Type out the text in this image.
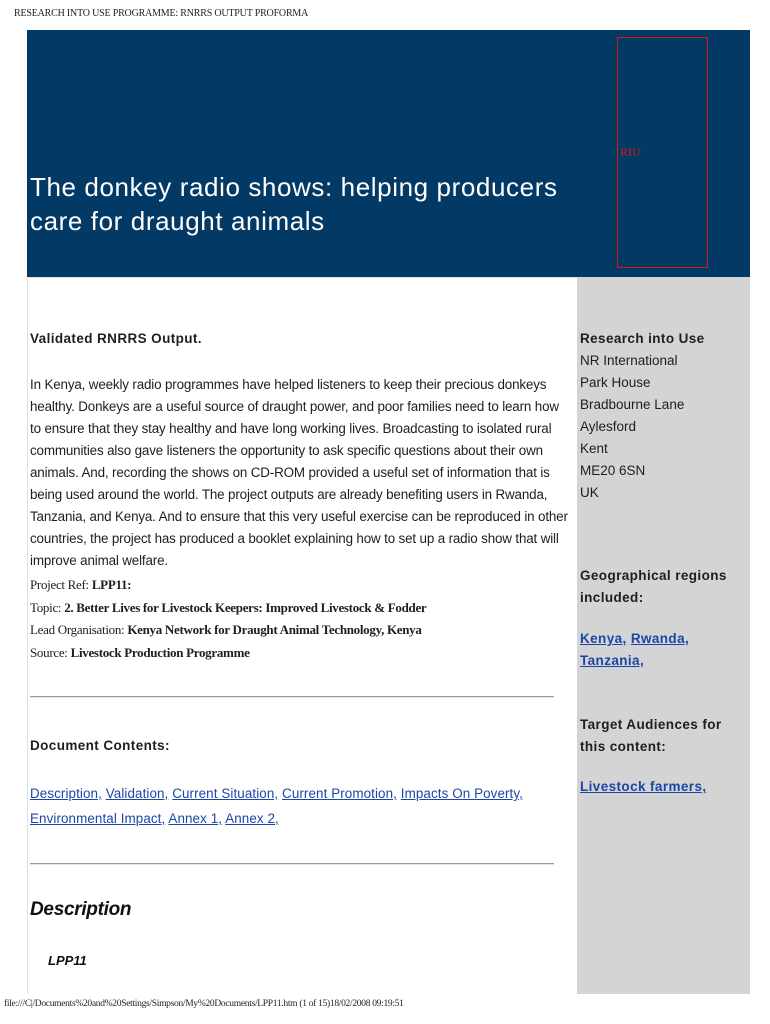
RESEARCH INTO USE PROGRAMME: RNRRS OUTPUT PROFORMA
The donkey radio shows: helping producers care for draught animals
RIU
Validated RNRRS Output.
In Kenya, weekly radio programmes have helped listeners to keep their precious donkeys healthy. Donkeys are a useful source of draught power, and poor families need to learn how to ensure that they stay healthy and have long working lives. Broadcasting to isolated rural communities also gave listeners the opportunity to ask specific questions about their own animals. And, recording the shows on CD-ROM provided a useful set of information that is being used around the world. The project outputs are already benefiting users in Rwanda, Tanzania, and Kenya. And to ensure that this very useful exercise can be reproduced in other countries, the project has produced a booklet explaining how to set up a radio show that will improve animal welfare.
Project Ref: LPP11:
Topic: 2. Better Lives for Livestock Keepers: Improved Livestock & Fodder
Lead Organisation: Kenya Network for Draught Animal Technology, Kenya
Source: Livestock Production Programme
Document Contents:
Description, Validation, Current Situation, Current Promotion, Impacts On Poverty, Environmental Impact, Annex 1, Annex 2,
Description
LPP11
Research into Use
NR International
Park House
Bradbourne Lane
Aylesford
Kent
ME20 6SN
UK
Geographical regions included:
Kenya, Rwanda, Tanzania,
Target Audiences for this content:
Livestock farmers,
file:///C|/Documents%20and%20Settings/Simpson/My%20Documents/LPP11.htm (1 of 15)18/02/2008 09:19:51
